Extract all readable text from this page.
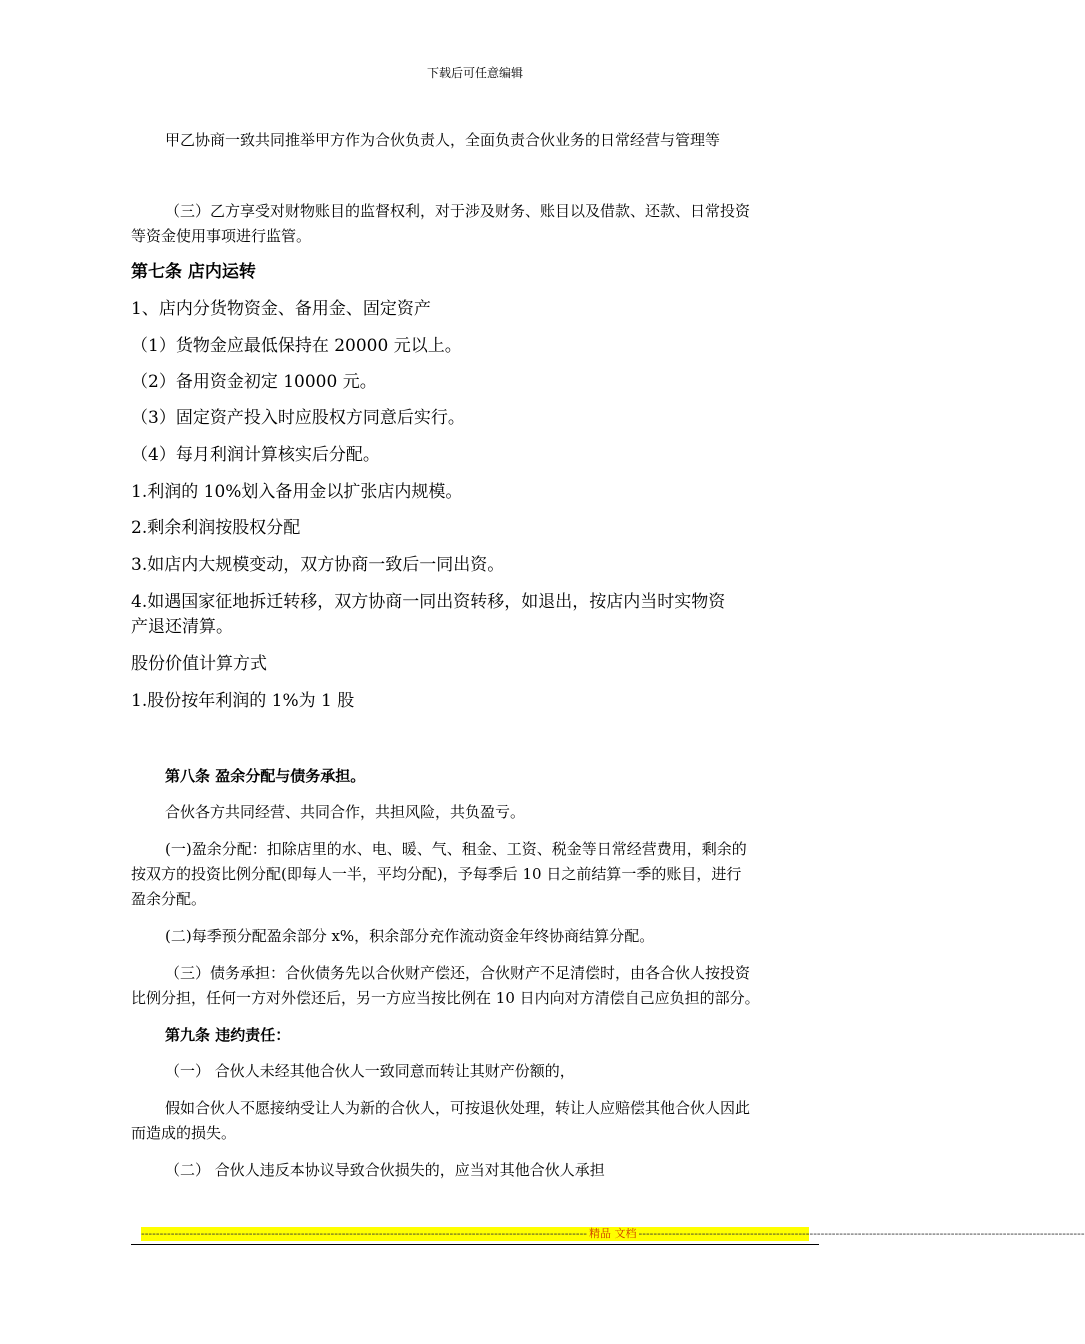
下载后可任意编辑
甲乙协商一致共同推举甲方作为合伙负责人，全面负责合伙业务的日常经营与管理等
（三）乙方享受对财物账目的监督权利，对于涉及财务、账目以及借款、还款、日常投资
等资金使用事项进行监管。
第七条 店内运转
1、店内分货物资金、备用金、固定资产
（1）货物金应最低保持在 20000 元以上。
（2）备用资金初定 10000 元。
（3）固定资产投入时应股权方同意后实行。
（4）每月利润计算核实后分配。
1.利润的 10%划入备用金以扩张店内规模。
2.剩余利润按股权分配
3.如店内大规模变动，双方协商一致后一同出资。
4.如遇国家征地拆迁转移，双方协商一同出资转移，如退出，按店内当时实物资
产退还清算。
股份价值计算方式
1.股份按年利润的 1%为 1 股
第八条 盈余分配与债务承担。
合伙各方共同经营、共同合作，共担风险，共负盈亏。
(一)盈余分配：扣除店里的水、电、暖、气、租金、工资、税金等日常经营费用，剩余的
按双方的投资比例分配(即每人一半，平均分配)，予每季后 10 日之前结算一季的账目，进行
盈余分配。
(二)每季预分配盈余部分 x%，积余部分充作流动资金年终协商结算分配。
（三）债务承担：合伙债务先以合伙财产偿还，合伙财产不足清偿时，由各合伙人按投资
比例分担，任何一方对外偿还后，另一方应当按比例在 10 日内向对方清偿自己应负担的部分。
第九条 违约责任：
（一） 合伙人未经其他合伙人一致同意而转让其财产份额的，
假如合伙人不愿接纳受让人为新的合伙人，可按退伙处理，转让人应赔偿其他合伙人因此
而造成的损失。
（二） 合伙人违反本协议导致合伙损失的，应当对其他合伙人承担
------------------------------------------------------------------------------------------------------------------------ 精品 文档 ------------------------------------------------------------------------------------------------------------------------
